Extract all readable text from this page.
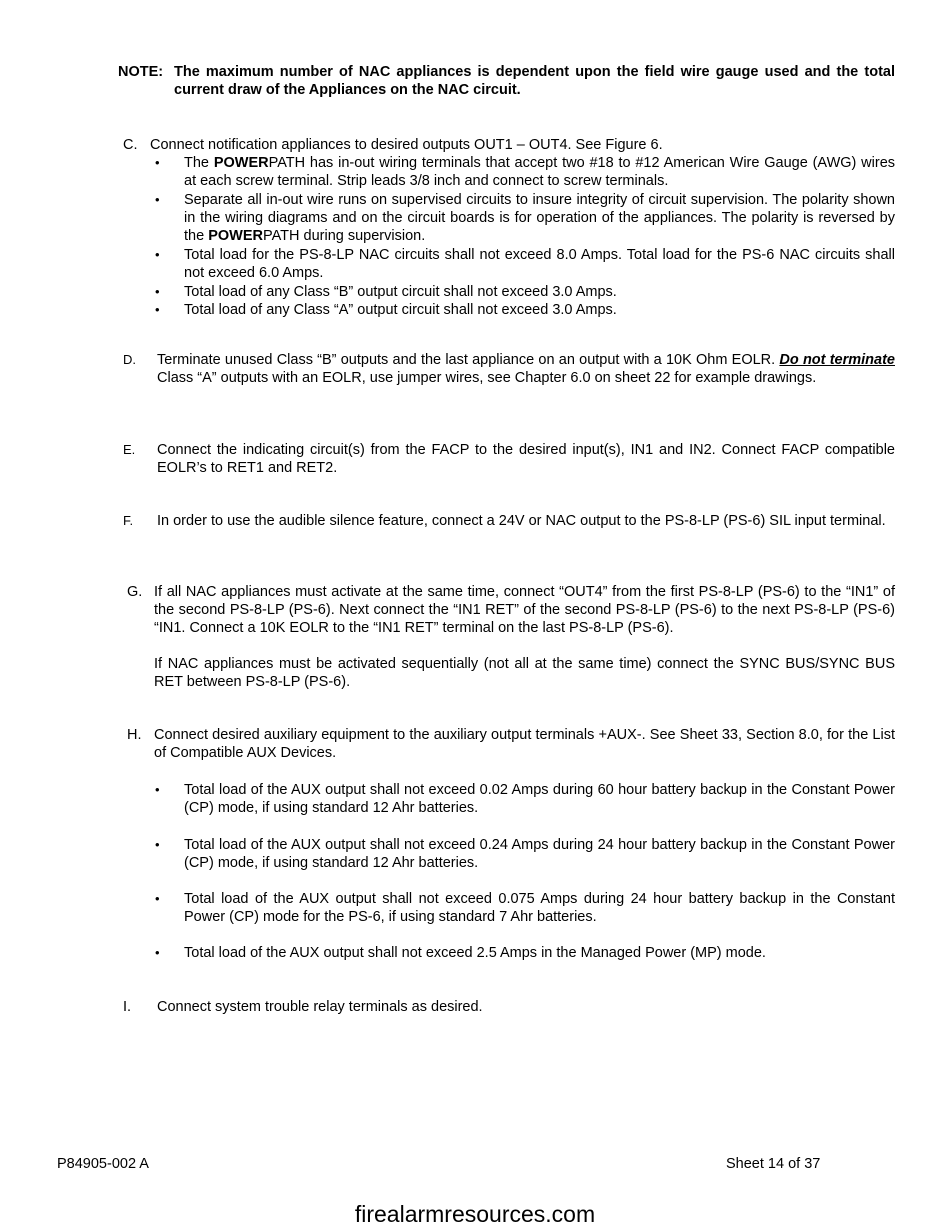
NOTE: The maximum number of NAC appliances is dependent upon the field wire gauge used and the total current draw of the Appliances on the NAC circuit.
C. Connect notification appliances to desired outputs OUT1 – OUT4. See Figure 6.
• The POWERPATH has in-out wiring terminals that accept two #18 to #12 American Wire Gauge (AWG) wires at each screw terminal. Strip leads 3/8 inch and connect to screw terminals.
• Separate all in-out wire runs on supervised circuits to insure integrity of circuit supervision. The polarity shown in the wiring diagrams and on the circuit boards is for operation of the appliances. The polarity is reversed by the POWERPATH during supervision.
• Total load for the PS-8-LP NAC circuits shall not exceed 8.0 Amps. Total load for the PS-6 NAC circuits shall not exceed 6.0 Amps.
• Total load of any Class “B” output circuit shall not exceed 3.0 Amps.
• Total load of any Class “A” output circuit shall not exceed 3.0 Amps.
D. Terminate unused Class “B” outputs and the last appliance on an output with a 10K Ohm EOLR. Do not terminate Class “A” outputs with an EOLR, use jumper wires, see Chapter 6.0 on sheet 22 for example drawings.
E. Connect the indicating circuit(s) from the FACP to the desired input(s), IN1 and IN2. Connect FACP compatible EOLR’s to RET1 and RET2.
F. In order to use the audible silence feature, connect a 24V or NAC output to the PS-8-LP (PS-6) SIL input terminal.
G. If all NAC appliances must activate at the same time, connect “OUT4” from the first PS-8-LP (PS-6) to the “IN1” of the second PS-8-LP (PS-6). Next connect the “IN1 RET” of the second PS-8-LP (PS-6) to the next PS-8-LP (PS-6) “IN1. Connect a 10K EOLR to the “IN1 RET” terminal on the last PS-8-LP (PS-6).
If NAC appliances must be activated sequentially (not all at the same time) connect the SYNC BUS/SYNC BUS RET between PS-8-LP (PS-6).
H. Connect desired auxiliary equipment to the auxiliary output terminals +AUX-. See Sheet 33, Section 8.0, for the List of Compatible AUX Devices.
• Total load of the AUX output shall not exceed 0.02 Amps during 60 hour battery backup in the Constant Power (CP) mode, if using standard 12 Ahr batteries.
• Total load of the AUX output shall not exceed 0.24 Amps during 24 hour battery backup in the Constant Power (CP) mode, if using standard 12 Ahr batteries.
• Total load of the AUX output shall not exceed 0.075 Amps during 24 hour battery backup in the Constant Power (CP) mode for the PS-6, if using standard 7 Ahr batteries.
• Total load of the AUX output shall not exceed 2.5 Amps in the Managed Power (MP) mode.
I. Connect system trouble relay terminals as desired.
P84905-002 A	Sheet 14 of 37
firealarmresources.com
